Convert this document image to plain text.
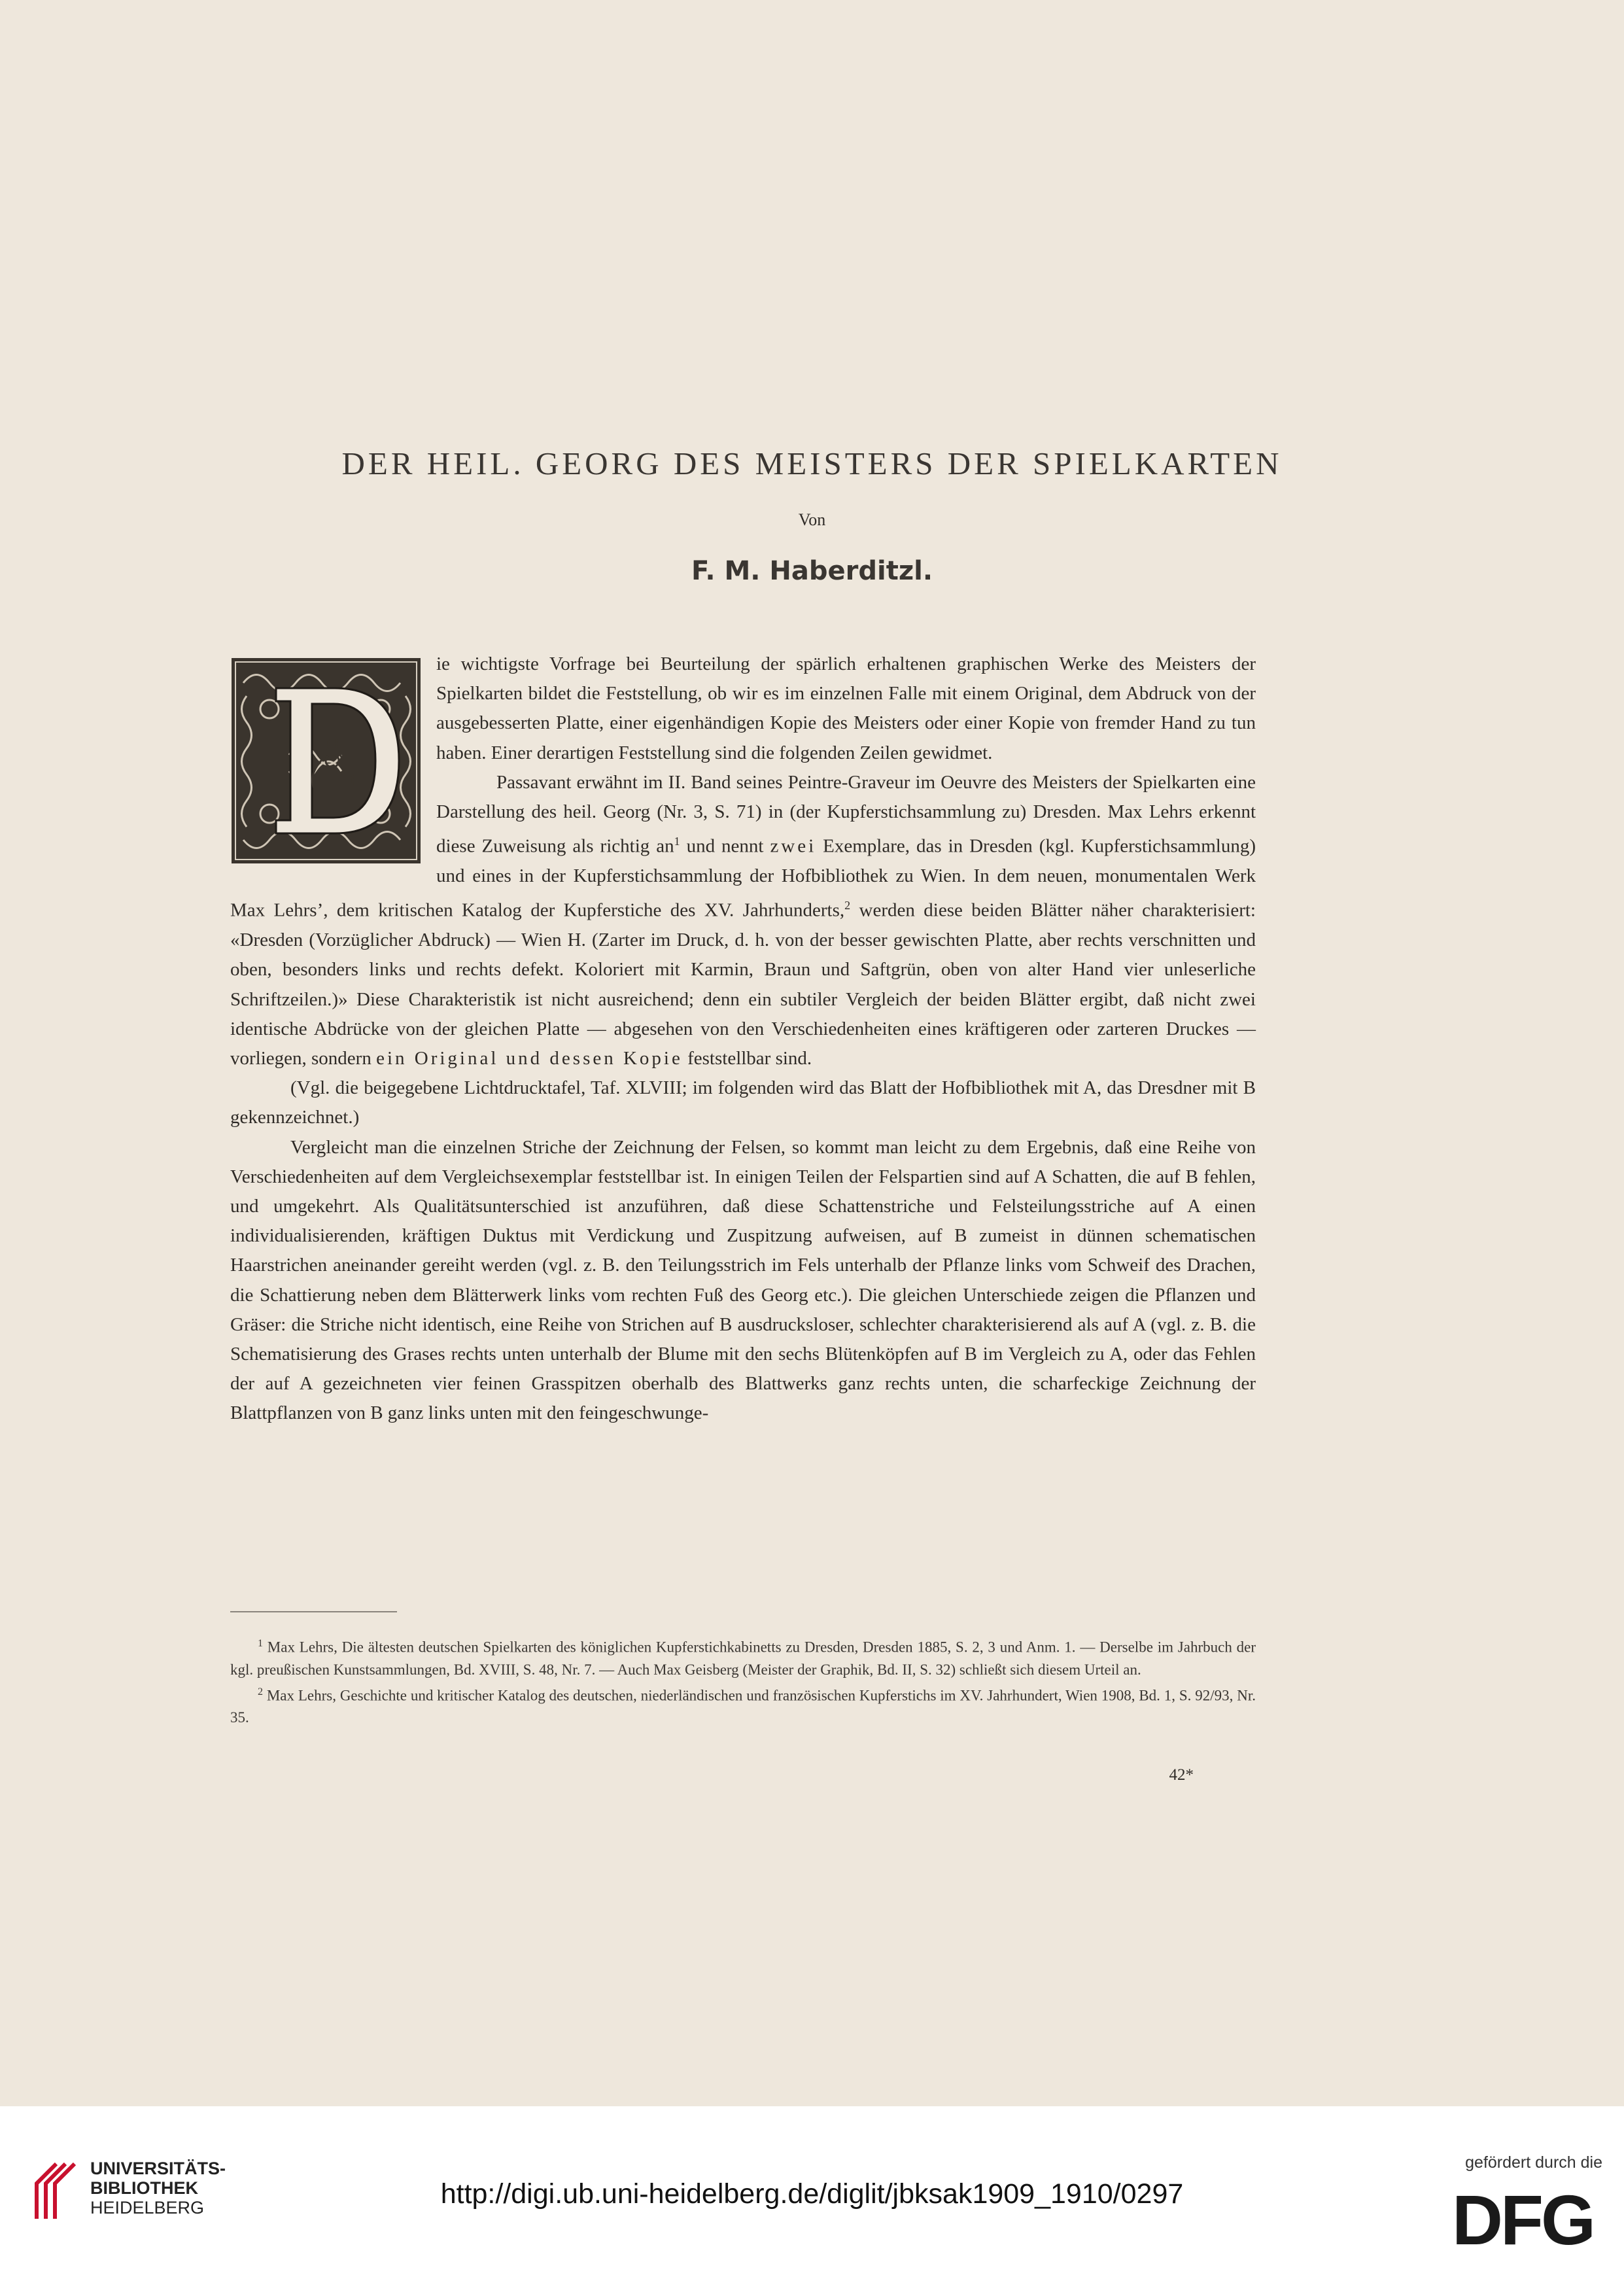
DER HEIL. GEORG DES MEISTERS DER SPIELKARTEN
Von
F. M. Haberditzl.

ie wichtigste Vorfrage bei Beurteilung der spärlich erhaltenen graphischen Werke des Meisters der Spielkarten bildet die Feststellung, ob wir es im einzelnen Falle mit einem Original, dem Abdruck von der ausgebesserten Platte, einer eigenhändigen Kopie des Meisters oder einer Kopie von fremder Hand zu tun haben. Einer derartigen Feststellung sind die folgenden Zeilen gewidmet.

Passavant erwähnt im II. Band seines Peintre-Graveur im Oeuvre des Meisters der Spielkarten eine Darstellung des heil. Georg (Nr. 3, S. 71) in (der Kupferstichsammlung zu) Dresden. Max Lehrs erkennt diese Zuweisung als richtig $an^1$ und nennt zwei Exemplare, das in Dresden (kgl. Kupferstichsammlung) und eines in der Kupferstichsammlung der Hofbibliothek zu Wien. In dem neuen, monumentalen Werk Max Lehrs’, dem kritischen Katalog der Kupferstiche des XV. Jahrhunderts,$^2$ werden diese beiden Blätter näher charakterisiert: «Dresden (Vorzüglicher Abdruck) — Wien H. (Zarter im Druck, d. h. von der besser gewischten Platte, aber rechts verschnitten und oben, besonders links und rechts defekt. Koloriert mit Karmin, Braun und Saftgrün, oben von alter Hand vier unleserliche Schriftzeilen.)» Diese Charakteristik ist nicht ausreichend; denn ein subtiler Vergleich der beiden Blätter ergibt, daß nicht zwei identische Abdrücke von der gleichen Platte — abgesehen von den Verschiedenheiten eines kräftigeren oder zarteren Druckes — vorliegen, sondern ein Original und dessen Kopie feststellbar sind.

(Vgl. die beigegebene Lichtdrucktafel, Taf. XLVIII; im folgenden wird das Blatt der Hofbibliothek mit A, das Dresdner mit B gekennzeichnet.)

Vergleicht man die einzelnen Striche der Zeichnung der Felsen, so kommt man leicht zu dem Ergebnis, daß eine Reihe von Verschiedenheiten auf dem Vergleichsexemplar feststellbar ist. In einigen Teilen der Felspartien sind auf A Schatten, die auf B fehlen, und umgekehrt. Als Qualitätsunterschied ist anzuführen, daß diese Schattenstriche und Felsteilungsstriche auf A einen individualisierenden, kräftigen Duktus mit Verdickung und Zuspitzung aufweisen, auf B zumeist in dünnen schematischen Haarstrichen aneinander gereiht werden (vgl. z. B. den Teilungsstrich im Fels unterhalb der Pflanze links vom Schweif des Drachen, die Schattierung neben dem Blätterwerk links vom rechten Fuß des Georg etc.). Die gleichen Unterschiede zeigen die Pflanzen und Gräser: die Striche nicht identisch, eine Reihe von Strichen auf B ausdrucksloser, schlechter charakterisierend als auf A (vgl. z. B. die Schematisierung des Grases rechts unten unterhalb der Blume mit den sechs Blütenköpfen auf B im Vergleich zu A, oder das Fehlen der auf A gezeichneten vier feinen Grasspitzen oberhalb des Blattwerks ganz rechts unten, die scharfeckige Zeichnung der Blattpflanzen von B ganz links unten mit den feingeschwunge-

$^1$ Max Lehrs, Die ältesten deutschen Spielkarten des königlichen Kupferstichkabinetts zu Dresden, Dresden 1885, S. 2, 3 und Anm. 1. — Derselbe im Jahrbuch der kgl. preußischen Kunstsammlungen, Bd. XVIII, S. 48, Nr. 7. — Auch Max Geisberg (Meister der Graphik, Bd. II, S. 32) schließt sich diesem Urteil an.

$^2$ Max Lehrs, Geschichte und kritischer Katalog des deutschen, niederländischen und französischen Kupferstichs im XV. Jahrhundert, Wien 1908, Bd. 1, S. 92/93, Nr. 35.

42*
UNIVERSITÄTS-
BIBLIOTHEK
HEIDELBERG	http://digi.ub.uni-heidelberg.de/diglit/jbksak1909_1910/0297
gefördert durch die
DFG
